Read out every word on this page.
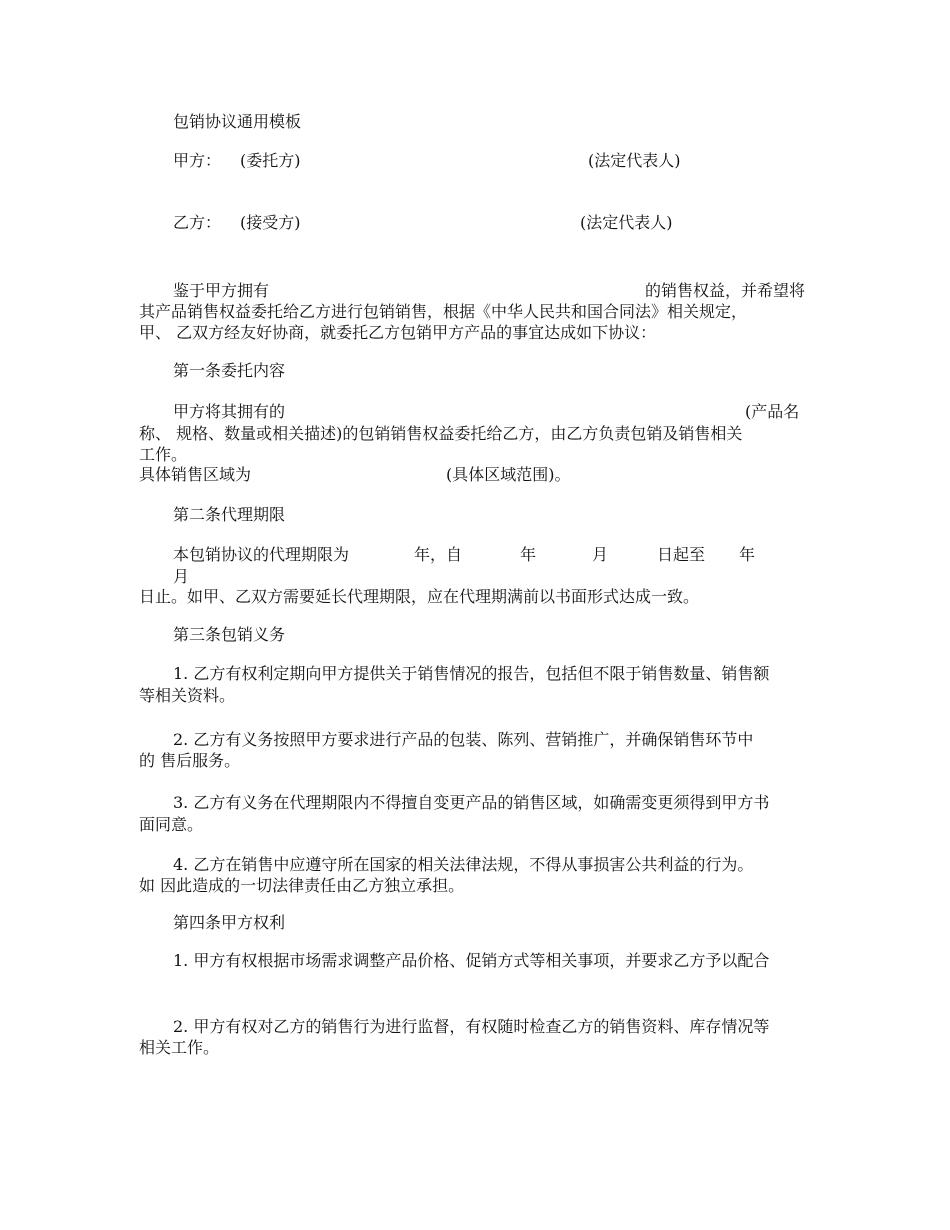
包销协议通用模板
甲方： (委托方)	(法定代表人)
乙方： (接受方)	(法定代表人)
鉴于甲方拥有	的销售权益，并希望将
其产品销售权益委托给乙方进行包销销售，根据《中华人民共和国合同法》相关规定，
甲、 乙双方经友好协商，就委托乙方包销甲方产品的事宜达成如下协议：
第一条委托内容
甲方将其拥有的	(产品名
称、 规格、数量或相关描述)的包销销售权益委托给乙方，由乙方负责包销及销售相关
工作。
具体销售区域为	(具体区域范围)。
第二条代理期限
本包销协议的代理期限为	年，自	年	月	日起至 年
月
日止。如甲、乙双方需要延长代理期限，应在代理期满前以书面形式达成一致。
第三条包销义务
1. 乙方有权利定期向甲方提供关于销售情况的报告，包括但不限于销售数量、销售额
等相关资料。
2. 乙方有义务按照甲方要求进行产品的包装、陈列、营销推广，并确保销售环节中
的 售后服务。
3. 乙方有义务在代理期限内不得擅自变更产品的销售区域，如确需变更须得到甲方书
面同意。
4. 乙方在销售中应遵守所在国家的相关法律法规，不得从事损害公共利益的行为。
如 因此造成的一切法律责任由乙方独立承担。
第四条甲方权利
1. 甲方有权根据市场需求调整产品价格、促销方式等相关事项，并要求乙方予以配合
2. 甲方有权对乙方的销售行为进行监督，有权随时检查乙方的销售资料、库存情况等
相关工作。
